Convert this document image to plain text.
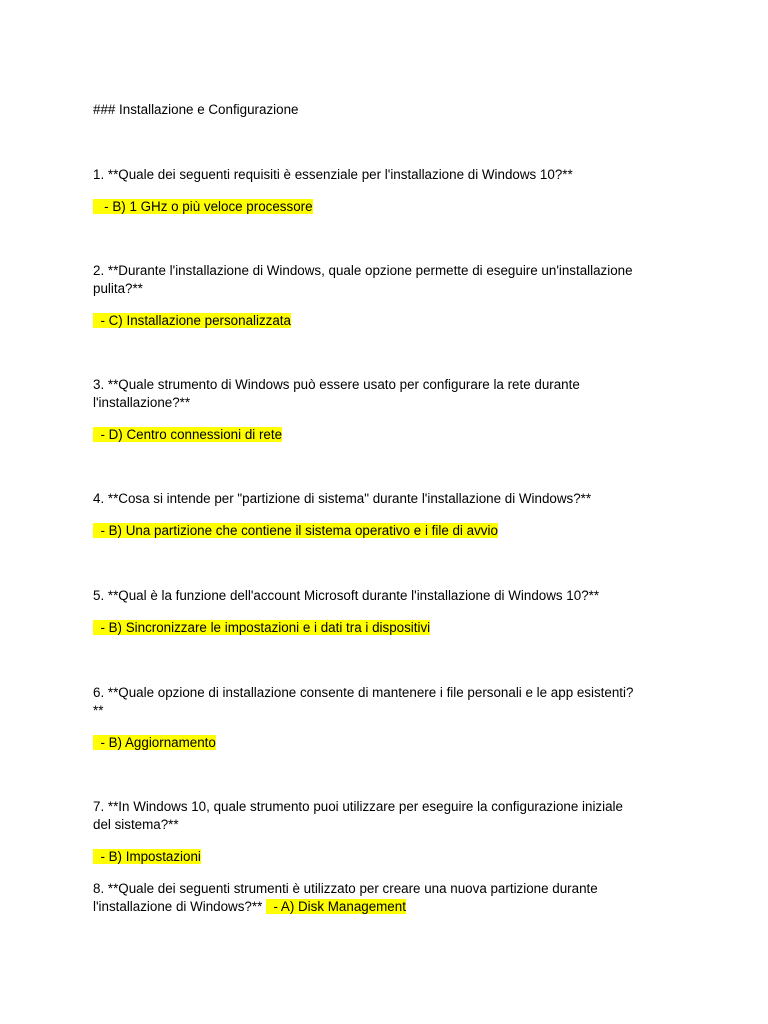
### Installazione e Configurazione
1. **Quale dei seguenti requisiti è essenziale per l'installazione di Windows 10?**
- B) 1 GHz o più veloce processore
2. **Durante l'installazione di Windows, quale opzione permette di eseguire un'installazione
pulita?**
- C) Installazione personalizzata
3. **Quale strumento di Windows può essere usato per configurare la rete durante
l'installazione?**
- D) Centro connessioni di rete
4. **Cosa si intende per "partizione di sistema" durante l'installazione di Windows?**
- B) Una partizione che contiene il sistema operativo e i file di avvio
5. **Qual è la funzione dell'account Microsoft durante l'installazione di Windows 10?**
- B) Sincronizzare le impostazioni e i dati tra i dispositivi
6. **Quale opzione di installazione consente di mantenere i file personali e le app esistenti?
**
- B) Aggiornamento
7. **In Windows 10, quale strumento puoi utilizzare per eseguire la configurazione iniziale
del sistema?**
- B) Impostazioni
8. **Quale dei seguenti strumenti è utilizzato per creare una nuova partizione durante
l'installazione di Windows?**   - A) Disk Management
